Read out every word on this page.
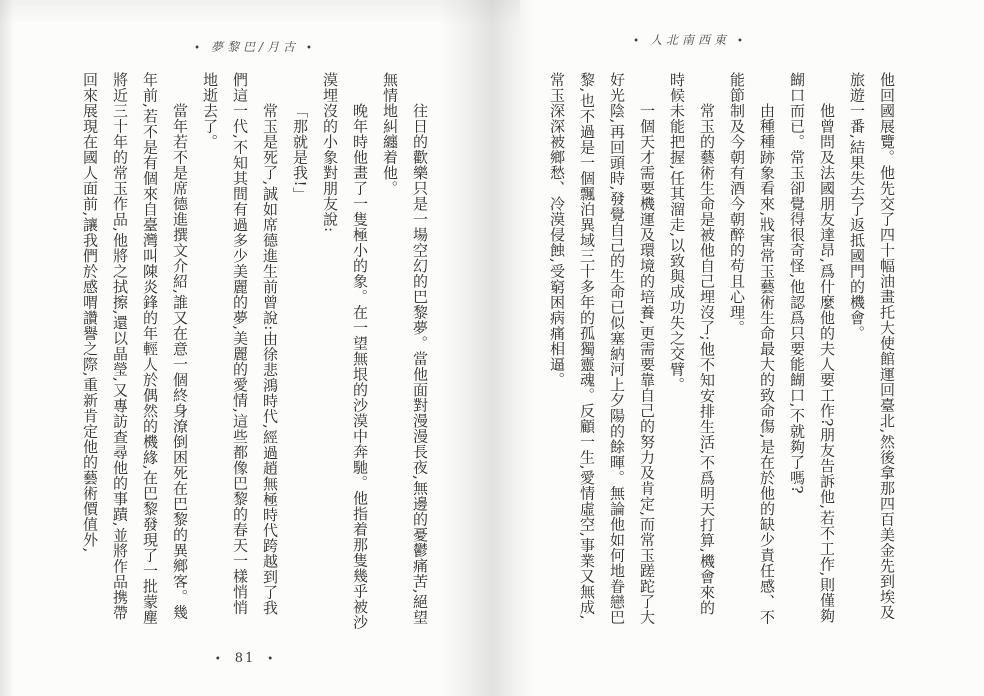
• 夢黎巴/月古 •

往日的歡樂只是一場空幻的巴黎夢。當他面對漫漫長夜,無邊的憂鬱痛苦,絕望無情地糾纏着他。

晚年時他畫了一隻極小的象。在一望無垠的沙漠中奔馳。他指着那隻幾乎被沙漠埋沒的小象對朋友說:

「那就是我!」

常玉是死了,誠如席德進生前曾說:由徐悲鴻時代,經過趙無極時代跨越到了我們這一代,不知其間有過多少美麗的夢,美麗的愛情,這些都像巴黎的春天一樣悄悄地逝去了。

當年若不是席德進撰文介紹,誰又在意一個終身潦倒困死在巴黎的異鄉客。幾年前,若不是有個來自臺灣叫陳炎鋒的年輕人於偶然的機緣,在巴黎發現了一批蒙塵將近三十年的常玉作品,他將之拭擦,還以晶瑩,又專訪查尋他的事蹟,並將作品携帶回來展現在國人面前,讓我們於感喟讚譽之際,重新肯定他的藝術價值外,

• 81 •
• 人北南西東 •

他回國展覽。他先交了四十幅油畫托大使館運回臺北,然後拿那四百美金先到埃及旅遊一番,結果失去了返抵國門的機會。

他曾問及法國朋友達昂,爲什麼他的夫人要工作?朋友告訴他,若不工作,則僅夠餬口而已。常玉卻覺得很奇怪,他認爲只要能餬口,不就夠了嗎?

由種種跡象看來,戕害常玉藝術生命最大的致命傷,是在於他的缺少責任感、不能節制及今朝有酒今朝醉的苟且心理。

常玉的藝術生命是被他自己埋沒了;他不知安排生活,不爲明天打算,機會來的時候未能把握,任其溜走,以致與成功失之交臂。

一個天才需要機運及環境的培養,更需要靠自己的努力及肯定,而常玉蹉跎了大好光陰,再回頭時,發覺自己的生命已似塞納河上夕陽的餘暉。無論他如何地眷戀巴黎,也不過是一個飄泊異域三十多年的孤獨靈魂。反顧一生,愛情虛空,事業又無成,常玉深深被鄉愁、冷漠侵蝕,受窮困病痛相逼。
